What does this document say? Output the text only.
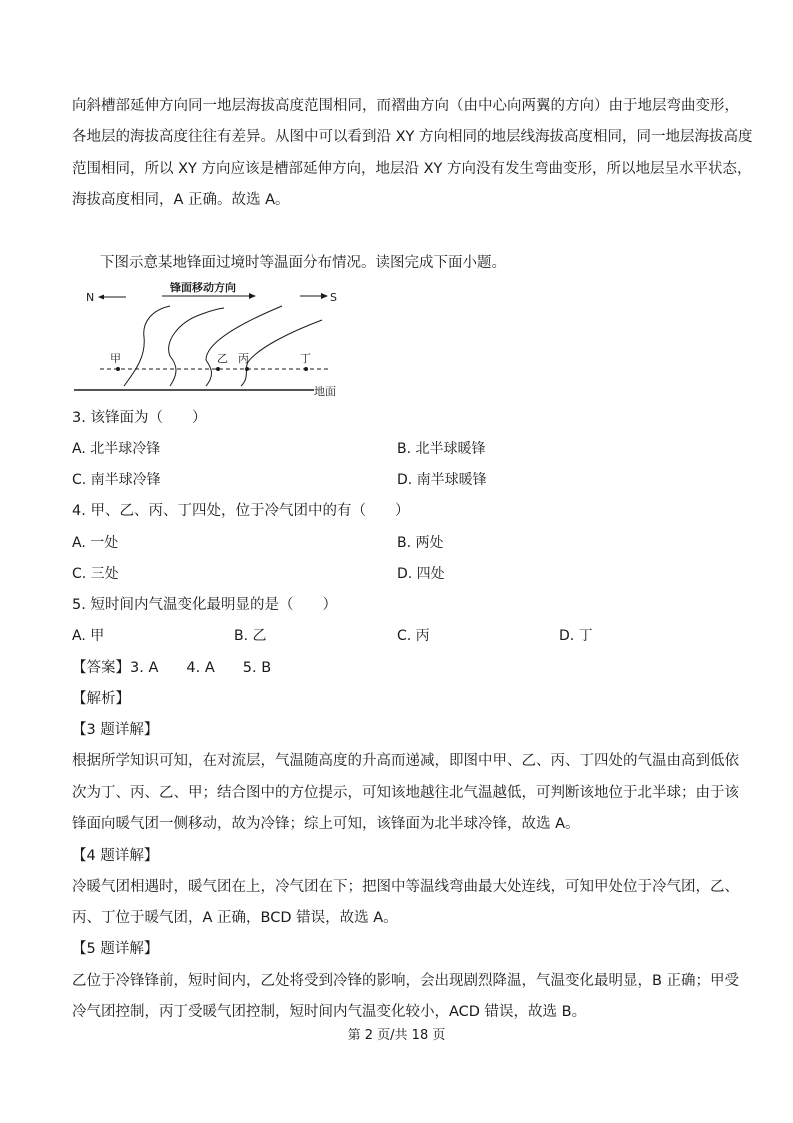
向斜槽部延伸方向同一地层海拔高度范围相同，而褶曲方向（由中心向两翼的方向）由于地层弯曲变形，
各地层的海拔高度往往有差异。从图中可以看到沿 XY 方向相同的地层线海拔高度相同，同一地层海拔高度
范围相同，所以 XY 方向应该是槽部延伸方向，地层沿 XY 方向没有发生弯曲变形，所以地层呈水平状态，
海拔高度相同，A 正确。故选 A。
下图示意某地锋面过境时等温面分布情况。读图完成下面小题。
N
锋面移动方向
S
甲	乙 丙	丁
地面
3. 该锋面为（　　）
A. 北半球冷锋	B. 北半球暖锋
C. 南半球冷锋	D. 南半球暖锋
4. 甲、乙、丙、丁四处，位于冷气团中的有（　　）
A. 一处	B. 两处
C. 三处	D. 四处
5. 短时间内气温变化最明显的是（　　）
A. 甲	B. 乙	C. 丙	D. 丁
【答案】3. A 4. A 5. B
【解析】
【3 题详解】
根据所学知识可知，在对流层，气温随高度的升高而递减，即图中甲、乙、丙、丁四处的气温由高到低依
次为丁、丙、乙、甲；结合图中的方位提示，可知该地越往北气温越低，可判断该地位于北半球；由于该
锋面向暖气团一侧移动，故为冷锋；综上可知，该锋面为北半球冷锋，故选 A。
【4 题详解】
冷暖气团相遇时，暖气团在上，冷气团在下；把图中等温线弯曲最大处连线，可知甲处位于冷气团，乙、
丙、丁位于暖气团，A 正确，BCD 错误，故选 A。
【5 题详解】
乙位于冷锋锋前，短时间内，乙处将受到冷锋的影响，会出现剧烈降温，气温变化最明显，B 正确；甲受
冷气团控制，丙丁受暖气团控制，短时间内气温变化较小，ACD 错误，故选 B。
第 2 页/共 18 页
